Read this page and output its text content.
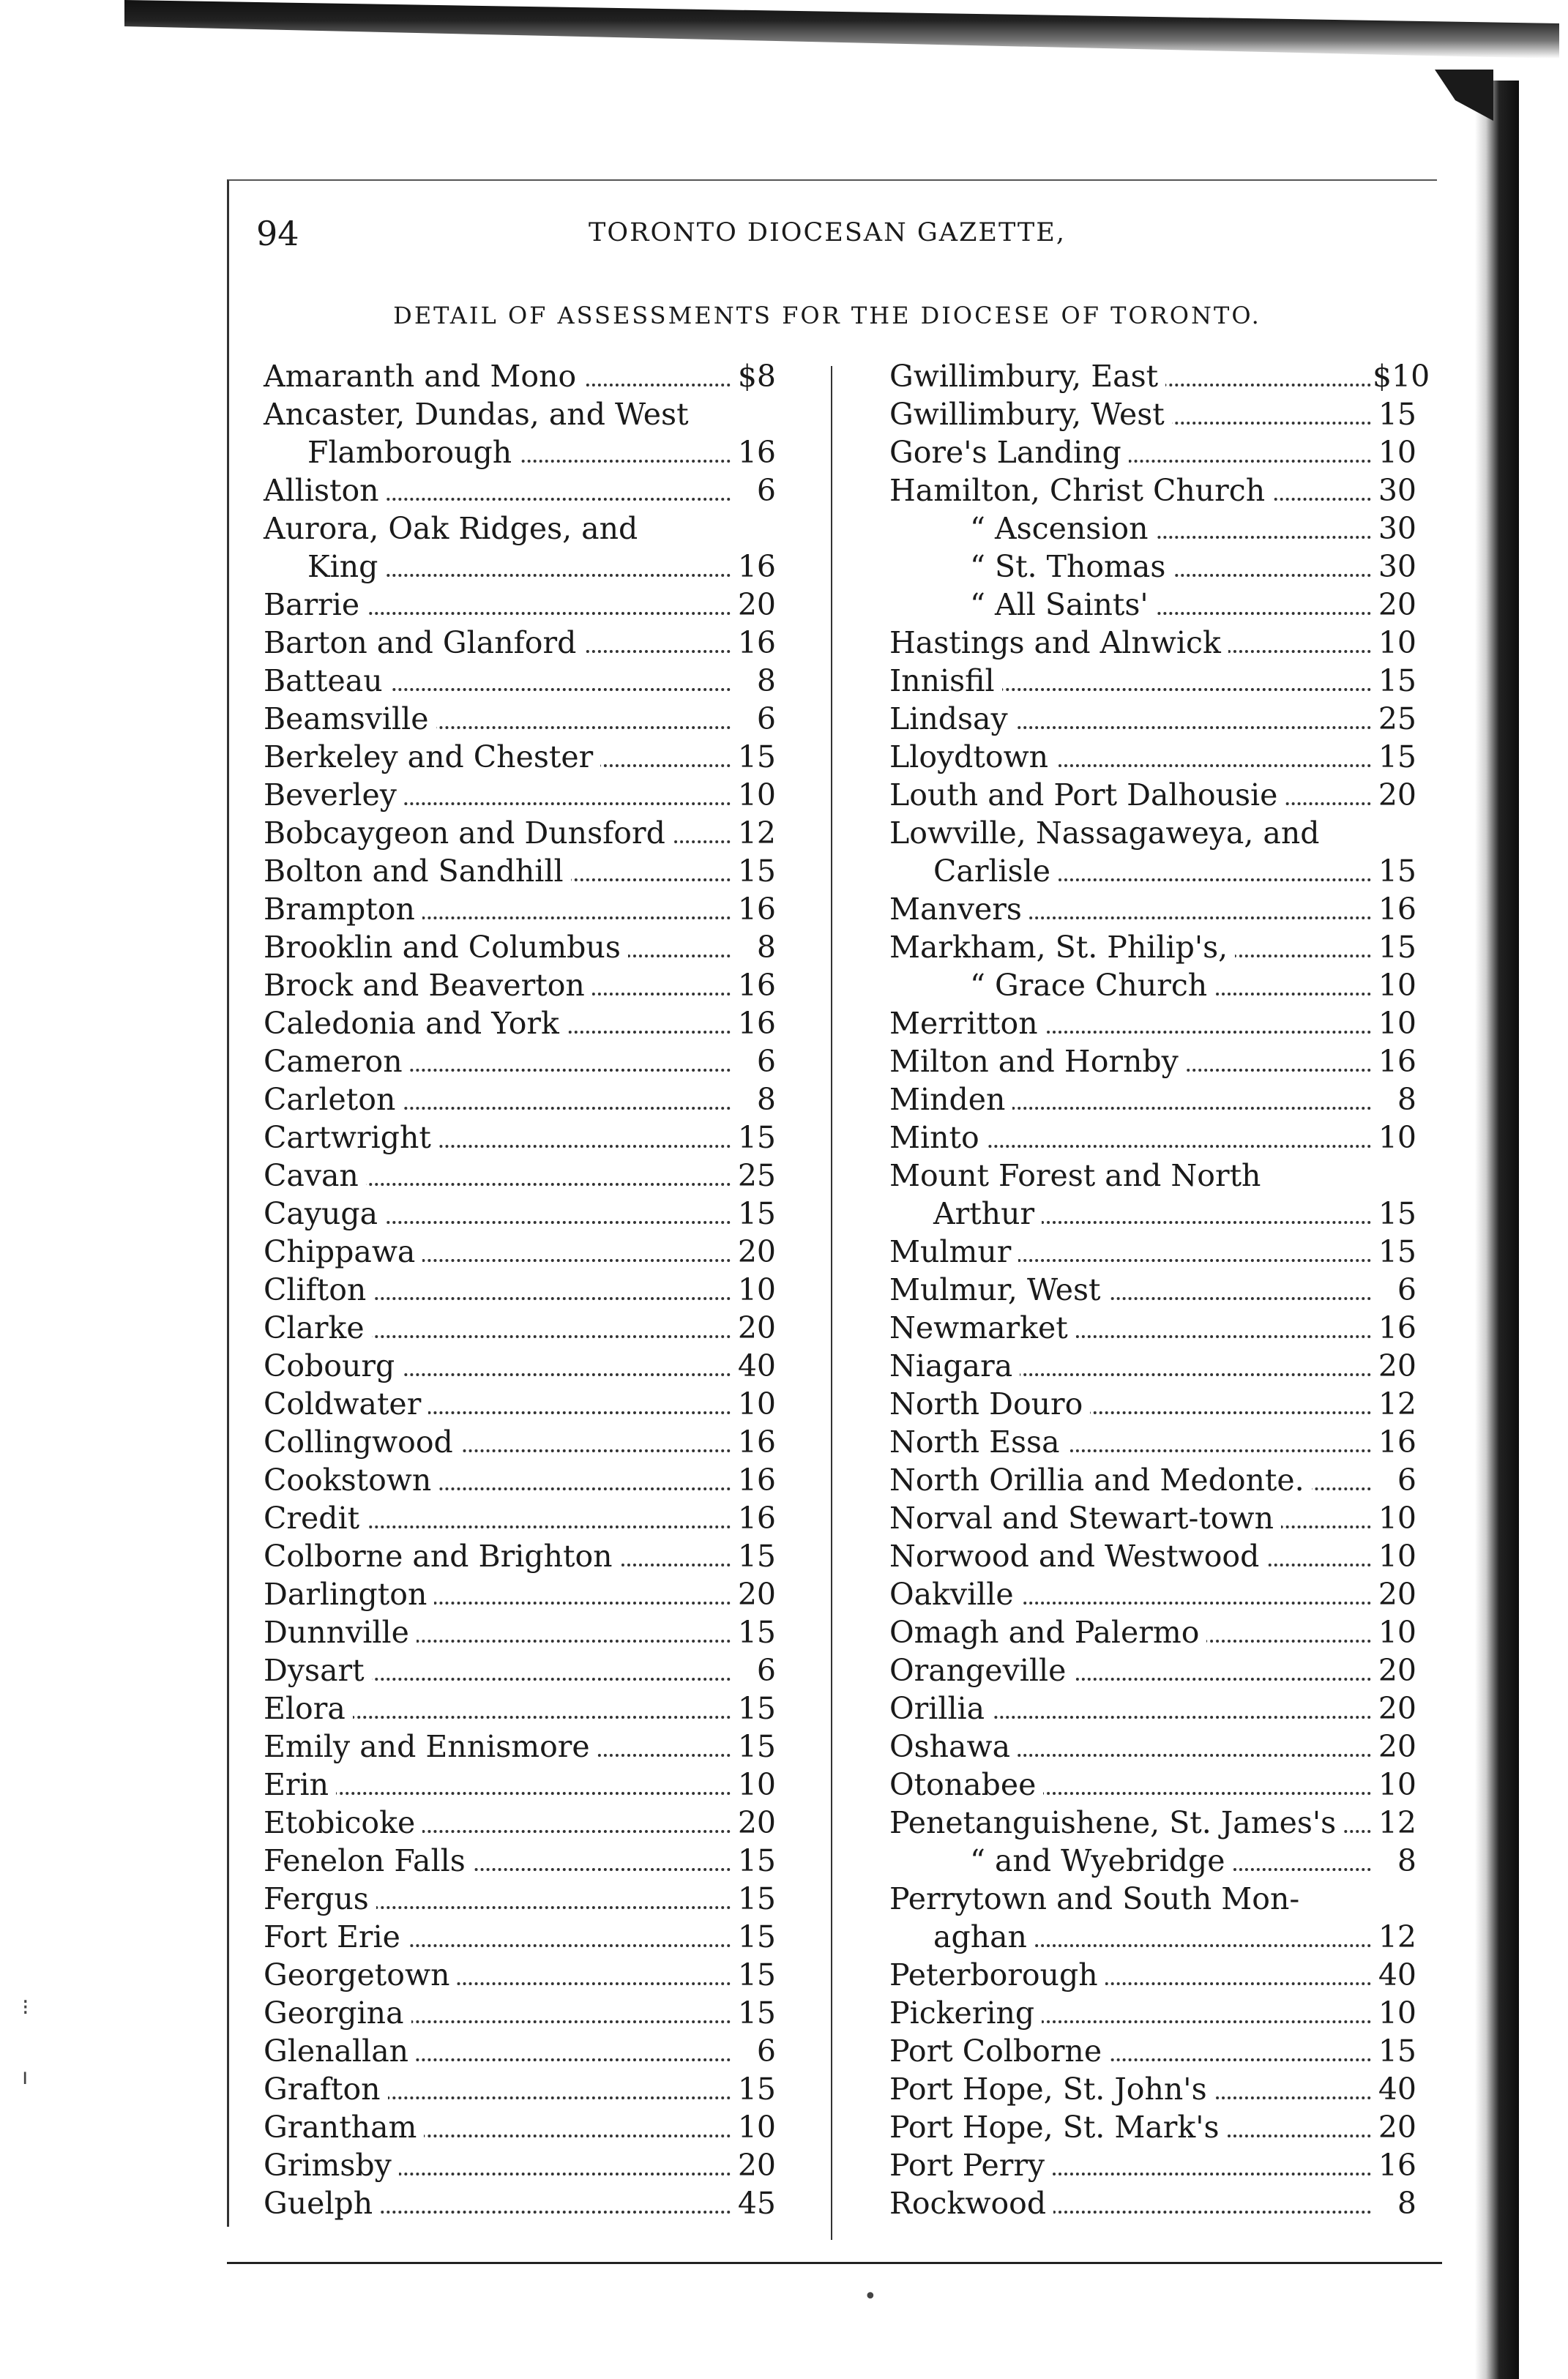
•
⁝
ı
94	TORONTO DIOCESAN GAZETTE,
DETAIL OF ASSESSMENTS FOR THE DIOCESE OF TORONTO.
Amaranth and Mono	$8
Ancaster, Dundas, and West
Flamborough	16
Alliston	6
Aurora, Oak Ridges, and
King	16
Barrie	20
Barton and Glanford	16
Batteau	8
Beamsville	6
Berkeley and Chester	15
Beverley	10
Bobcaygeon and Dunsford 12
Bolton and Sandhill	15
Brampton	16
Brooklin and Columbus	8
Brock and Beaverton	16
Caledonia and York	16
Cameron	6
Carleton	8
Cartwright	15
Cavan	25
Cayuga	15
Chippawa	20
Clifton	10
Clarke	20
Cobourg	40
Coldwater	10
Collingwood	16
Cookstown	16
Credit	16
Colborne and Brighton	15
Darlington	20
Dunnville	15
Dysart	6
Elora	15
Emily and Ennismore	15
Erin	10
Etobicoke	20
Fenelon Falls	15
Fergus	15
Fort Erie	15
Georgetown	15
Georgina	15
Glenallan	6
Grafton	15
Grantham	10
Grimsby	20
Guelph	45
Gwillimbury, East	$10
Gwillimbury, West	15
Gore's Landing	10
Hamilton, Christ Church	30
“ Ascension	30
“ St. Thomas	30
“ All Saints'	20
Hastings and Alnwick	10
Innisfil	15
Lindsay	25
Lloydtown	15
Louth and Port Dalhousie	20
Lowville, Nassagaweya, and
Carlisle	15
Manvers	16
Markham, St. Philip's,	15
“ Grace Church	10
Merritton	10
Milton and Hornby	16
Minden	8
Minto	10
Mount Forest and North
Arthur	15
Mulmur	15
Mulmur, West	6
Newmarket	16
Niagara	20
North Douro	12
North Essa	16
North Orillia and Medonte.	6
Norval and Stewart-town	10
Norwood and Westwood	10
Oakville	20
Omagh and Palermo	10
Orangeville	20
Orillia	20
Oshawa	20
Otonabee	10
Penetanguishene, St. James's 12
“ and Wyebridge	8
Perrytown and South Mon-
aghan	12
Peterborough	40
Pickering	10
Port Colborne	15
Port Hope, St. John's	40
Port Hope, St. Mark's	20
Port Perry	16
Rockwood	8
